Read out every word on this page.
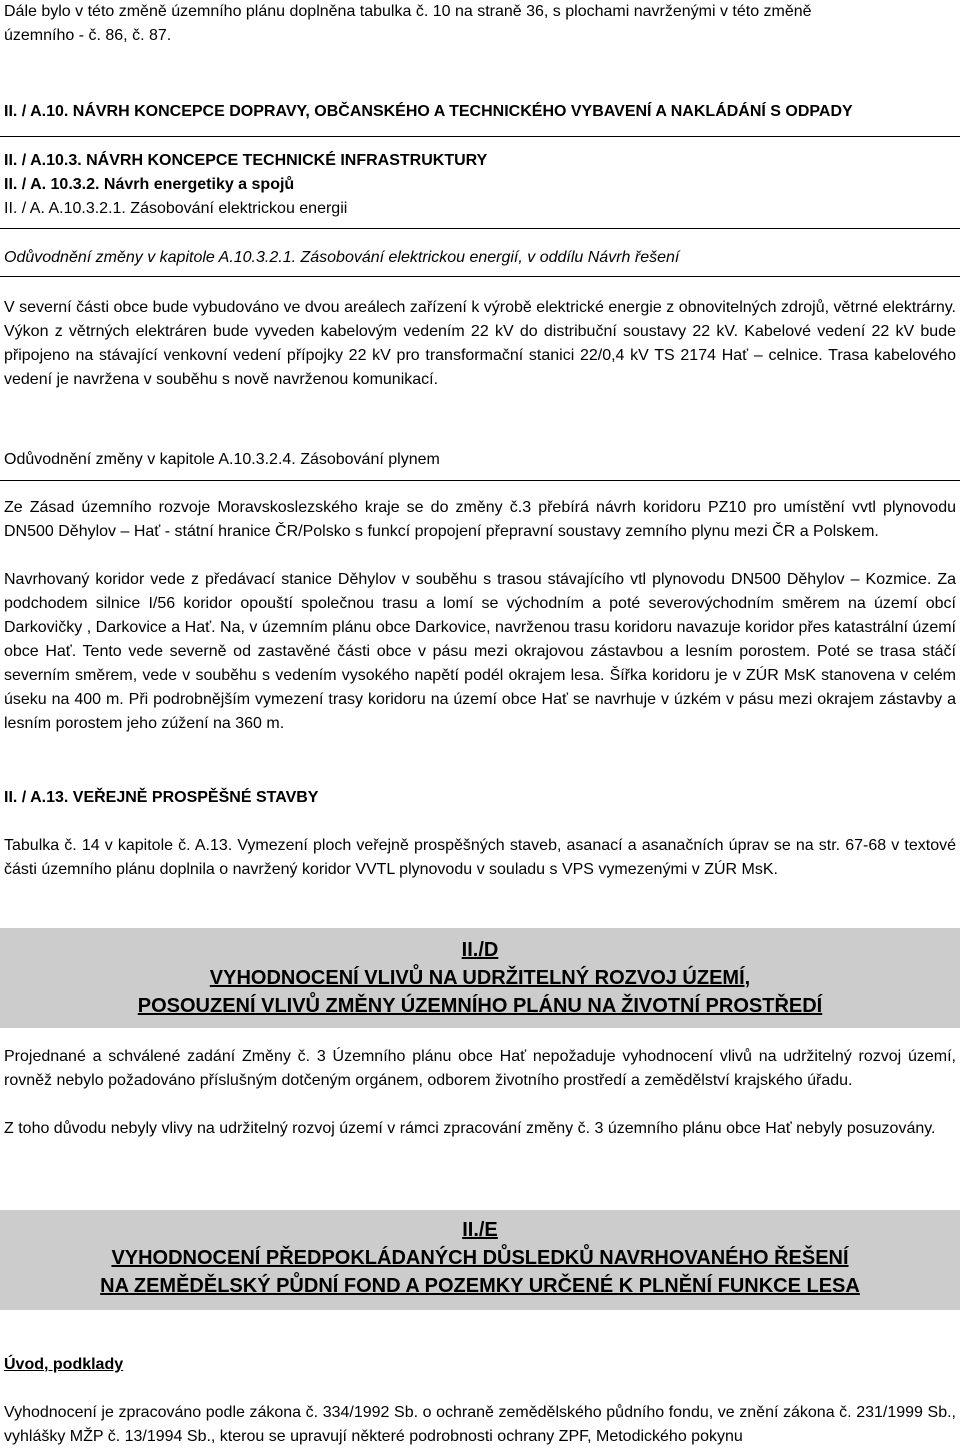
Dále bylo v této změně územního plánu doplněna tabulka č. 10 na straně 36, s plochami navrženými v této změně
územního - č. 86, č. 87.
II. / A.10. NÁVRH KONCEPCE DOPRAVY, OBČANSKÉHO A TECHNICKÉHO VYBAVENÍ A NAKLÁDÁNÍ S ODPADY
II. / A.10.3. NÁVRH KONCEPCE TECHNICKÉ INFRASTRUKTURY
II. / A. 10.3.2. Návrh energetiky a spojů
II. / A. A.10.3.2.1. Zásobování elektrickou energii
Odůvodnění změny v kapitole A.10.3.2.1. Zásobování elektrickou energií, v oddílu Návrh řešení
V severní části obce bude vybudováno ve dvou areálech zařízení k výrobě elektrické energie z obnovitelných zdrojů, větrné elektrárny. Výkon z větrných elektráren bude vyveden kabelovým vedením 22 kV do distribuční soustavy 22 kV. Kabelové vedení 22 kV bude připojeno na stávající venkovní vedení přípojky 22 kV pro transformační stanici 22/0,4 kV TS 2174 Hať – celnice. Trasa kabelového vedení je navržena v souběhu s nově navrženou komunikací.
Odůvodnění změny v kapitole A.10.3.2.4. Zásobování plynem
Ze Zásad územního rozvoje Moravskoslezského kraje se do změny č.3 přebírá návrh koridoru PZ10 pro umístění vvtl plynovodu DN500 Děhylov – Hať - státní hranice ČR/Polsko s funkcí propojení přepravní soustavy zemního plynu mezi ČR a Polskem.
Navrhovaný koridor vede z předávací stanice Děhylov v souběhu s trasou stávajícího vtl plynovodu DN500 Děhylov – Kozmice. Za podchodem silnice I/56 koridor opouští společnou trasu a lomí se východním a poté severovýchodním směrem na území obcí Darkovičky , Darkovice a Hať. Na, v územním plánu obce Darkovice, navrženou trasu koridoru navazuje koridor přes katastrální území obce Hať. Tento vede severně od zastavěné části obce v pásu mezi okrajovou zástavbou a lesním porostem. Poté se trasa stáčí severním směrem, vede v souběhu s vedením vysokého napětí podél okrajem lesa. Šířka koridoru je v ZÚR MsK stanovena v celém úseku na 400 m. Při podrobnějším vymezení trasy koridoru na území obce Hať se navrhuje v úzkém v pásu mezi okrajem zástavby a lesním porostem jeho zúžení na 360 m.
II. / A.13. VEŘEJNĚ PROSPĚŠNÉ STAVBY
Tabulka č. 14 v kapitole č. A.13. Vymezení ploch veřejně prospěšných staveb, asanací a asanačních úprav se na str. 67-68 v textové části územního plánu doplnila o navržený koridor VVTL plynovodu v souladu s VPS vymezenými v ZÚR MsK.
II./D
VYHODNOCENÍ VLIVŮ NA UDRŽITELNÝ ROZVOJ ÚZEMÍ,
POSOUZENÍ VLIVŮ ZMĚNY ÚZEMNÍHO PLÁNU NA ŽIVOTNÍ PROSTŘEDÍ
Projednané a schválené zadání Změny č. 3 Územního plánu obce Hať nepožaduje vyhodnocení vlivů na udržitelný rozvoj území, rovněž nebylo požadováno příslušným dotčeným orgánem, odborem životního prostředí a zemědělství krajského úřadu.
Z toho důvodu nebyly vlivy na udržitelný rozvoj území v rámci zpracování změny č. 3 územního plánu obce Hať nebyly posuzovány.
II./E
VYHODNOCENÍ PŘEDPOKLÁDANÝCH DŮSLEDKŮ NAVRHOVANÉHO ŘEŠENÍ
NA ZEMĚDĚLSKÝ PŮDNÍ FOND A POZEMKY URČENÉ K PLNĚNÍ FUNKCE LESA
Úvod, podklady
Vyhodnocení je zpracováno podle zákona č. 334/1992 Sb. o ochraně zemědělského půdního fondu, ve znění zákona č. 231/1999 Sb., vyhlášky MŽP č. 13/1994 Sb., kterou se upravují některé podrobnosti ochrany ZPF, Metodického pokynu
